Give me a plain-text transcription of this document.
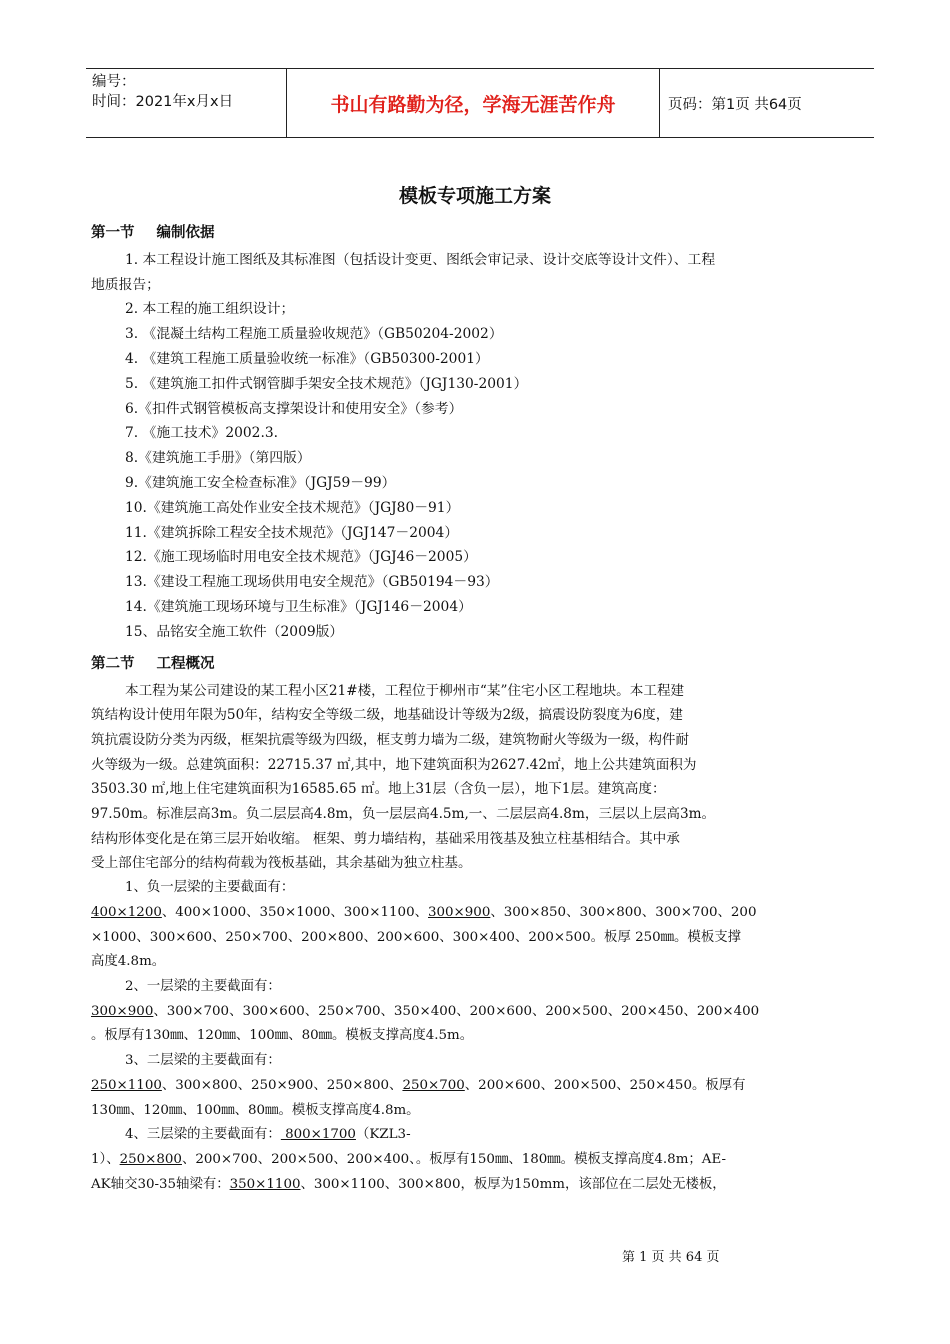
编号：
时间：2021年x月x日	书山有路勤为径，学海无涯苦作舟	页码：第1页 共64页
模板专项施工方案
第一节 编制依据
1. 本工程设计施工图纸及其标准图（包括设计变更、图纸会审记录、设计交底等设计文件）、工程
地质报告；
2. 本工程的施工组织设计；
3. 《混凝土结构工程施工质量验收规范》（GB50204-2002）
4. 《建筑工程施工质量验收统一标准》（GB50300-2001）
5. 《建筑施工扣件式钢管脚手架安全技术规范》（JGJ130-2001）
6.《扣件式钢管模板高支撑架设计和使用安全》（参考）
7. 《施工技术》2002.3.
8.《建筑施工手册》（第四版）
9.《建筑施工安全检查标准》（JGJ59－99）
10.《建筑施工高处作业安全技术规范》（JGJ80－91）
11.《建筑拆除工程安全技术规范》（JGJ147－2004）
12.《施工现场临时用电安全技术规范》（JGJ46－2005）
13.《建设工程施工现场供用电安全规范》（GB50194－93）
14.《建筑施工现场环境与卫生标准》（JGJ146－2004）
15、品铭安全施工软件（2009版）
第二节 工程概况
本工程为某公司建设的某工程小区21#楼，工程位于柳州市“某”住宅小区工程地块。本工程建
筑结构设计使用年限为50年，结构安全等级二级，地基础设计等级为2级，搞震设防裂度为6度，建
筑抗震设防分类为丙级，框架抗震等级为四级，框支剪力墙为二级，建筑物耐火等级为一级，构件耐
火等级为一级。总建筑面积：22715.37 ㎡,其中，地下建筑面积为2627.42㎡，地上公共建筑面积为
3503.30 ㎡,地上住宅建筑面积为16585.65 ㎡。地上31层（含负一层），地下1层。建筑高度：
97.50m。标准层高3m。负二层层高4.8m，负一层层高4.5m,一、二层层高4.8m，三层以上层高3m。
结构形体变化是在第三层开始收缩。 框架、剪力墙结构，基础采用筏基及独立柱基相结合。其中承
受上部住宅部分的结构荷载为筏板基础，其余基础为独立柱基。
1、负一层梁的主要截面有：
400×1200、400×1000、350×1000、300×1100、300×900、300×850、300×800、300×700、200
×1000、300×600、250×700、200×800、200×600、300×400、200×500。板厚 250㎜。模板支撑
高度4.8m。
2、一层梁的主要截面有：
300×900、300×700、300×600、250×700、350×400、200×600、200×500、200×450、200×400
。板厚有130㎜、120㎜、100㎜、80㎜。模板支撑高度4.5m。
3、二层梁的主要截面有：
250×1100、300×800、250×900、250×800、250×700、200×600、200×500、250×450。板厚有
130㎜、120㎜、100㎜、80㎜。模板支撑高度4.8m。
4、三层梁的主要截面有： 800×1700（KZL3-
1）、250×800、200×700、200×500、200×400、。板厚有150㎜、180㎜。模板支撑高度4.8m；AE-
AK轴交30-35轴梁有：350×1100、300×1100、300×800，板厚为150mm，该部位在二层处无楼板，
第 1 页 共 64 页
